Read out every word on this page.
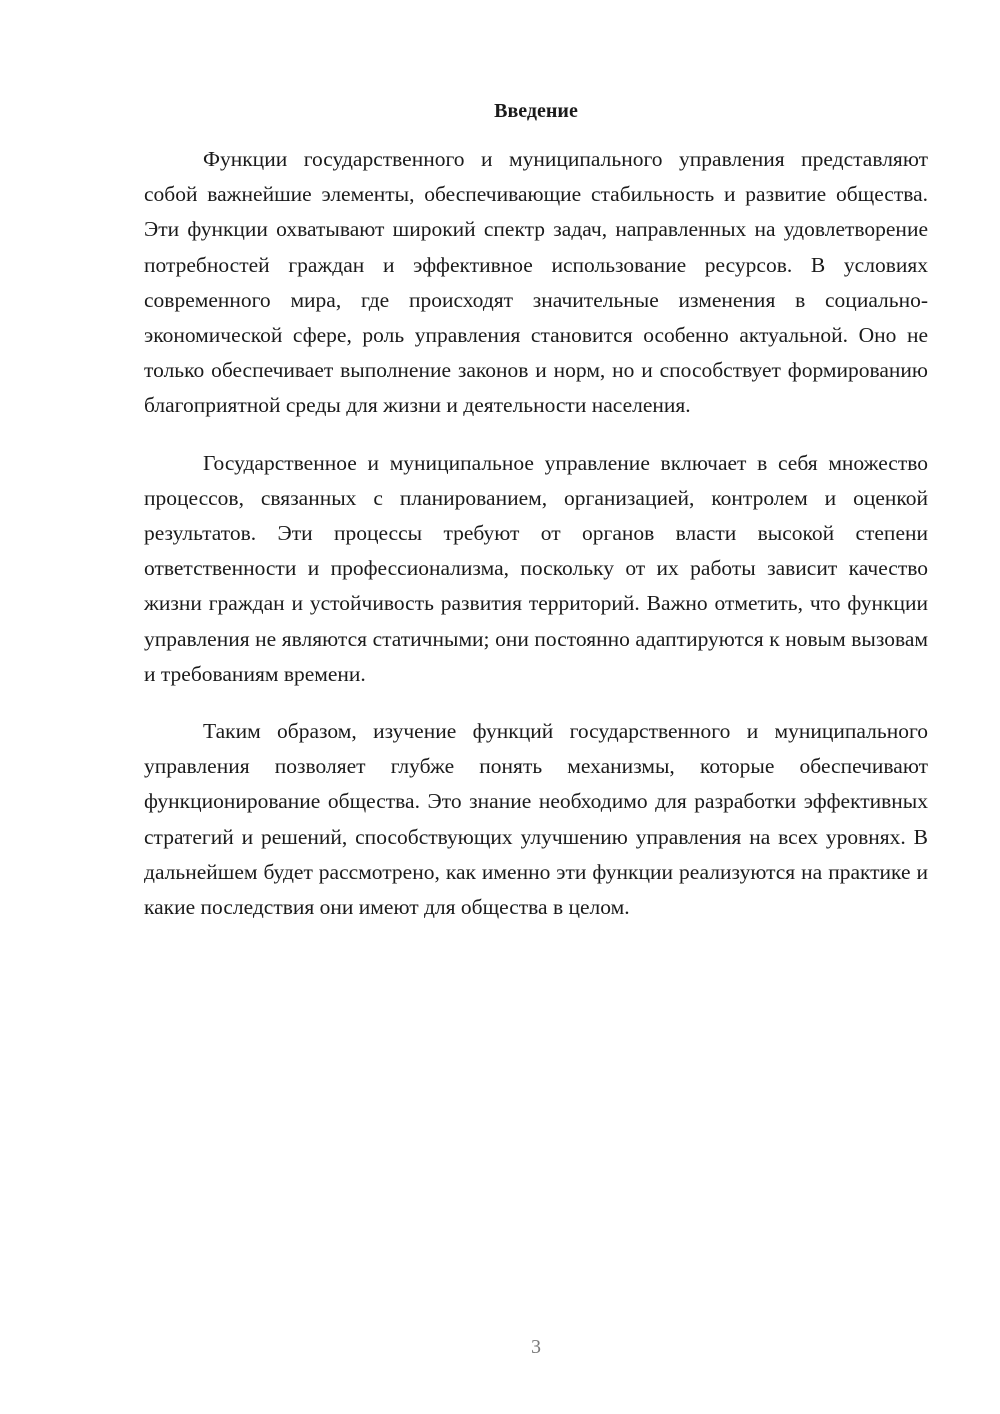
Введение

Функции государственного и муниципального управления представляют собой важнейшие элементы, обеспечивающие стабильность и развитие общества. Эти функции охватывают широкий спектр задач, направленных на удовлетворение потребностей граждан и эффективное использование ресурсов. В условиях современного мира, где происходят значительные изменения в социально-экономической сфере, роль управления становится особенно актуальной. Оно не только обеспечивает выполнение законов и норм, но и способствует формированию благоприятной среды для жизни и деятельности населения.

Государственное и муниципальное управление включает в себя множество процессов, связанных с планированием, организацией, контролем и оценкой результатов. Эти процессы требуют от органов власти высокой степени ответственности и профессионализма, поскольку от их работы зависит качество жизни граждан и устойчивость развития территорий. Важно отметить, что функции управления не являются статичными; они постоянно адаптируются к новым вызовам и требованиям времени.

Таким образом, изучение функций государственного и муниципального управления позволяет глубже понять механизмы, которые обеспечивают функционирование общества. Это знание необходимо для разработки эффективных стратегий и решений, способствующих улучшению управления на всех уровнях. В дальнейшем будет рассмотрено, как именно эти функции реализуются на практике и какие последствия они имеют для общества в целом.

3
